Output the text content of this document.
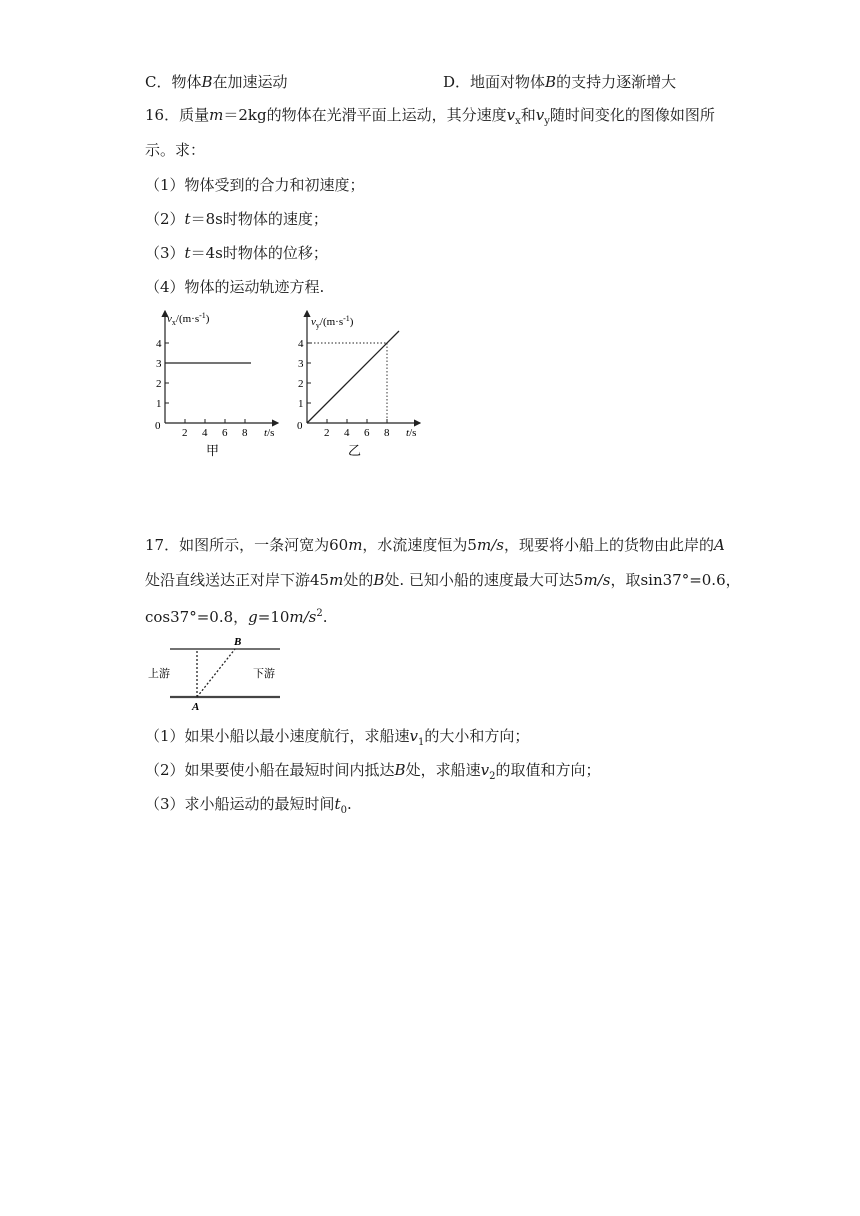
C．物体B在加速运动	D．地面对物体B的支持力逐渐增大
16．质量m＝2kg的物体在光滑平面上运动，其分速度$v_x$和$v_y$随时间变化的图像如图所
示。求：
（1）物体受到的合力和初速度；
（2）t＝8s时物体的速度；
（3）t＝4s时物体的位移；
（4）物体的运动轨迹方程.
$v_x/(m\cdot s^{-1})$
0
1
2
3
4
2 4 6 8 t/s
甲
$v_y/(m\cdot s^{-1})$
0
1
2
3
4
2 4 6 8 t/s
乙
17．如图所示，一条河宽为60m，水流速度恒为5m/s，现要将小船上的货物由此岸的A
处沿直线送达正对岸下游45m处的B处. 已知小船的速度最大可达5m/s，取sin37°=0.6，
cos37°=0.8，$g=10m/s^2$.
B
A
上游	下游
（1）如果小船以最小速度航行，求船速$v_1$的大小和方向；
（2）如果要使小船在最短时间内抵达B处，求船速$v_2$的取值和方向；
（3）求小船运动的最短时间$t_0$.
